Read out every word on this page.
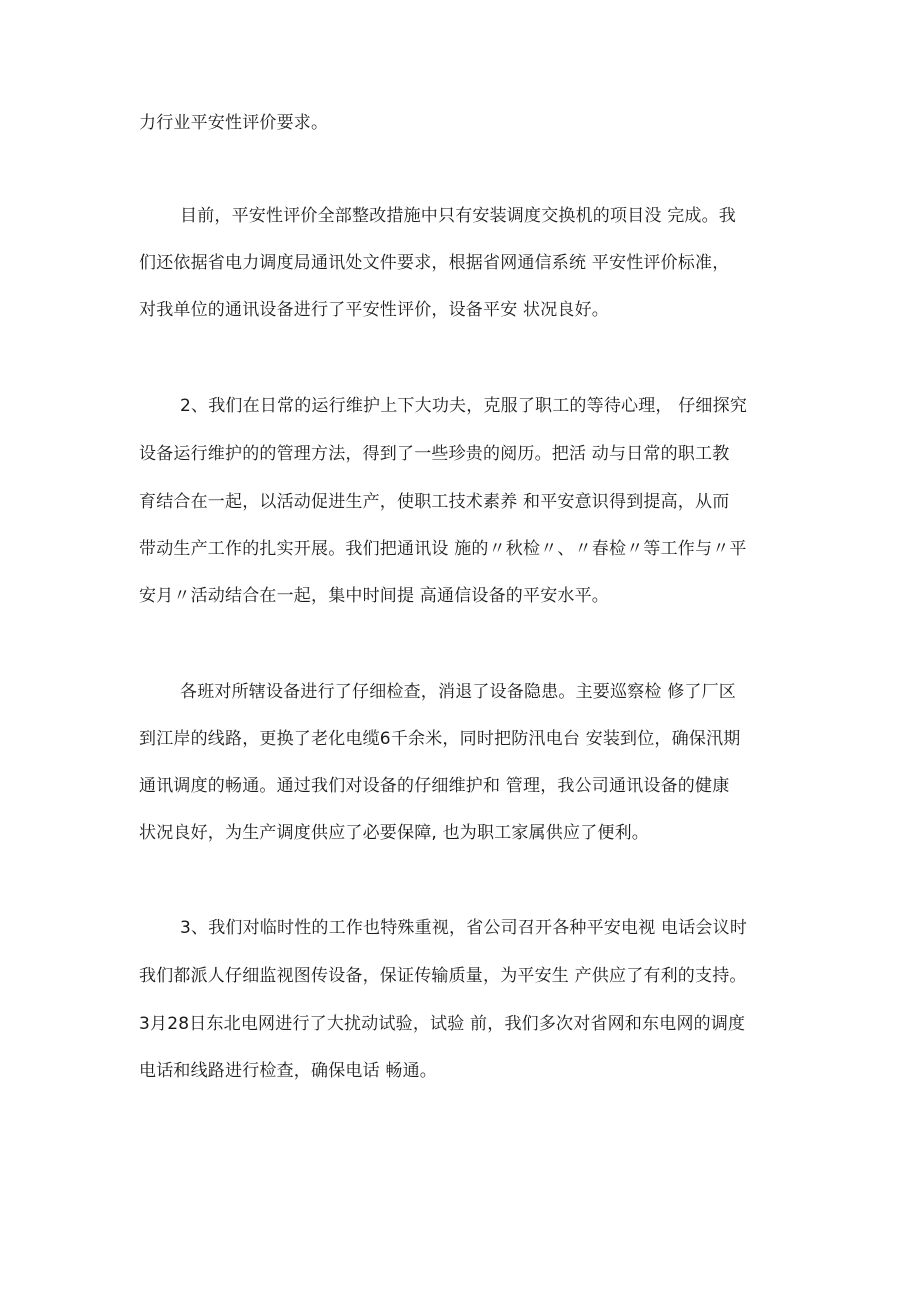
力行业平安性评价要求。
目前，平安性评价全部整改措施中只有安装调度交换机的项目没 完成。我
们还依据省电力调度局通讯处文件要求，根据省网通信系统 平安性评价标准，
对我单位的通讯设备进行了平安性评价，设备平安 状况良好。
2、我们在日常的运行维护上下大功夫，克服了职工的等待心理， 仔细探究
设备运行维护的的管理方法，得到了一些珍贵的阅历。把活 动与日常的职工教
育结合在一起，以活动促进生产，使职工技术素养 和平安意识得到提高，从而
带动生产工作的扎实开展。我们把通讯设 施的〃秋检〃、〃春检〃等工作与〃平
安月〃活动结合在一起，集中时间提 高通信设备的平安水平。
各班对所辖设备进行了仔细检查，消退了设备隐患。主要巡察检 修了厂区
到江岸的线路，更换了老化电缆6千余米，同时把防汛电台 安装到位，确保汛期
通讯调度的畅通。通过我们对设备的仔细维护和 管理，我公司通讯设备的健康
状况良好，为生产调度供应了必要保障, 也为职工家属供应了便利。
3、我们对临时性的工作也特殊重视，省公司召开各种平安电视 电话会议时
我们都派人仔细监视图传设备，保证传输质量，为平安生 产供应了有利的支持。
3月28日东北电网进行了大扰动试验，试验 前，我们多次对省网和东电网的调度
电话和线路进行检查，确保电话 畅通。
